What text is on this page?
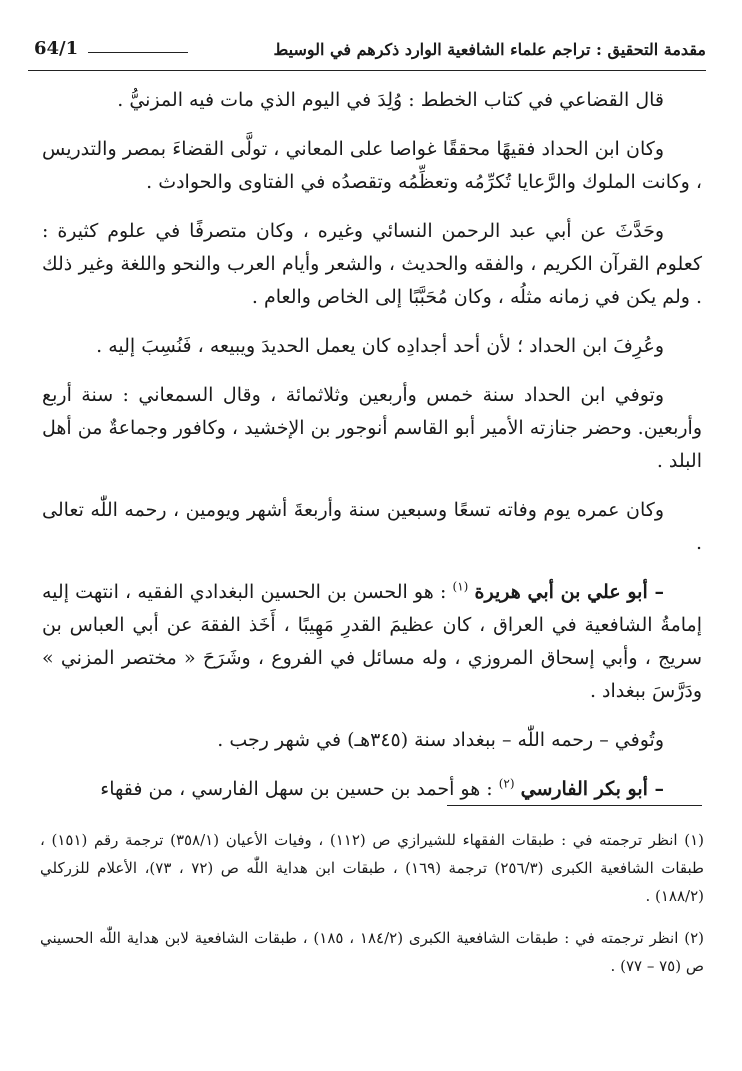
64/1	مقدمة التحقيق : تراجم علماء الشافعية الوارد ذكرهم في الوسيط

قال القضاعي في كتاب الخطط : وُلِدَ في اليوم الذي مات فيه المزنيُّ .

وكان ابن الحداد فقيهًا محققًا غواصا على المعاني ، تولَّى القضاءَ بمصر والتدريس ، وكانت الملوك والرَّعايا تُكرِّمُه وتعظِّمُه وتقصدُه في الفتاوى والحوادث .

وحَدَّثَ عن أبي عبد الرحمن النسائي وغيره ، وكان متصرفًا في علوم كثيرة : كعلوم القرآن الكريم ، والفقه والحديث ، والشعر وأيام العرب والنحو واللغة وغير ذلك . ولم يكن في زمانه مثلُه ، وكان مُحَبَّبًا إلى الخاص والعام .

وعُرِفَ ابن الحداد ؛ لأن أحد أجدادِه كان يعمل الحديدَ ويبيعه ، فَنُسِبَ إليه .

وتوفي ابن الحداد سنة خمس وأربعين وثلاثمائة ، وقال السمعاني : سنة أربع وأربعين. وحضر جنازته الأمير أبو القاسم أنوجور بن الإخشيد ، وكافور وجماعةٌ من أهل البلد .

وكان عمره يوم وفاته تسعًا وسبعين سنة وأربعةَ أشهر ويومين ، رحمه اللّٰه تعالى .

– أبو علي بن أبي هريرة $^{(١)}$ : هو الحسن بن الحسين البغدادي الفقيه ، انتهت إليه إمامةُ الشافعية في العراق ، كان عظيمَ القدرِ مَهِيبًا ، أَخَذ الفقهَ عن أبي العباس بن سريج ، وأبي إسحاق المروزي ، وله مسائل في الفروع ، وشَرَحَ « مختصر المزني » ودَرَّسَ ببغداد .

وتُوفي – رحمه اللّٰه – ببغداد سنة (٣٤٥هـ) في شهر رجب .

– أبو بكر الفارسي $^{(٢)}$ : هو أحمد بن حسين بن سهل الفارسي ، من فقهاء

(١) انظر ترجمته في : طبقات الفقهاء للشيرازي ص (١١٢) ، وفيات الأعيان (٣٥٨/١) ترجمة رقم (١٥١) ، طبقات الشافعية الكبرى (٢٥٦/٣) ترجمة (١٦٩) ، طبقات ابن هداية اللّٰه ص (٧٢ ، ٧٣)، الأعلام للزركلي (١٨٨/٢) .

(٢) انظر ترجمته في : طبقات الشافعية الكبرى (١٨٤/٢ ، ١٨٥) ، طبقات الشافعية لابن هداية اللّٰه الحسيني ص (٧٥ – ٧٧) .
